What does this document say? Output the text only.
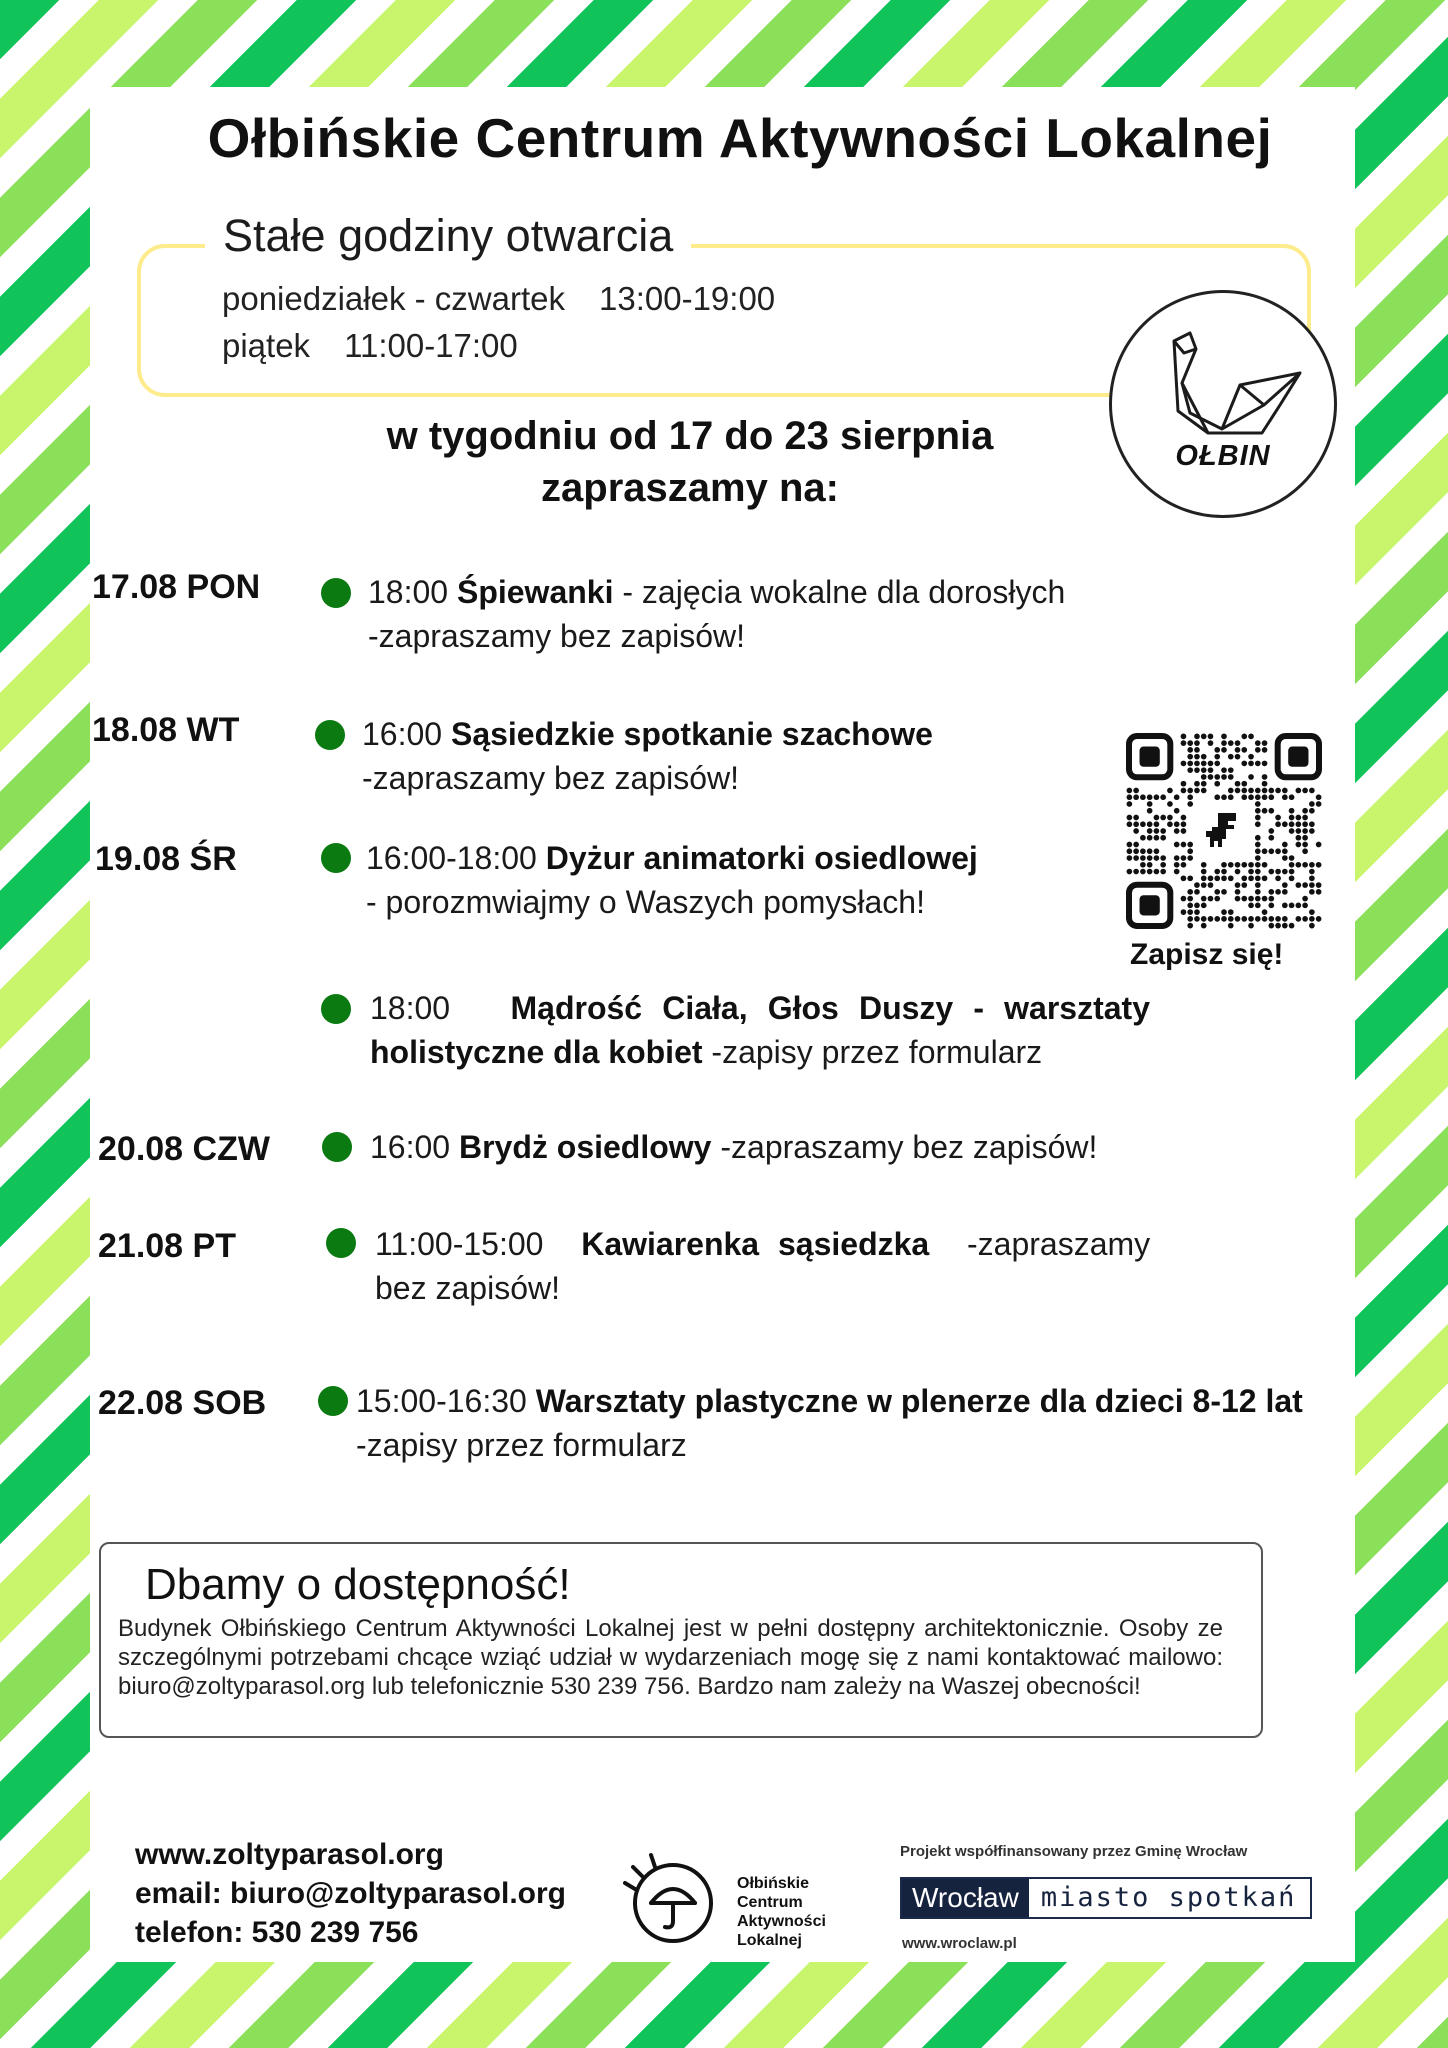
Ołbińskie Centrum Aktywności Lokalnej
Stałe godziny otwarcia
poniedziałek - czwartek 13:00-19:00
piątek 11:00-17:00
OŁBIN
w tygodniu od 17 do 23 sierpnia
zapraszamy na:
17.08 PON	18:00 Śpiewanki - zajęcia wokalne dla dorosłych
-zapraszamy bez zapisów!
18.08 WT	16:00 Sąsiedzkie spotkanie szachowe
-zapraszamy bez zapisów!
19.08 ŚR	16:00-18:00 Dyżur animatorki osiedlowej
- porozmwiajmy o Waszych pomysłach!
18:00 Mądrość Ciała, Głos Duszy - warsztaty
holistyczne dla kobiet -zapisy przez formularz
20.08 CZW	16:00 Brydż osiedlowy -zapraszamy bez zapisów!
21.08 PT	11:00-15:00 Kawiarenka sąsiedzka  -zapraszamy
bez zapisów!
22.08 SOB	15:00-16:30 Warsztaty plastyczne w plenerze dla dzieci 8-12 lat
-zapisy przez formularz
Zapisz się!
Dbamy o dostępność!
Budynek Ołbińskiego Centrum Aktywności Lokalnej jest w pełni dostępny architektonicznie. Osoby ze szczególnymi potrzebami chcące wziąć udział w wydarzeniach mogę się z nami kontaktować mailowo: biuro@zoltyparasol.org lub telefonicznie 530 239 756. Bardzo nam zależy na Waszej obecności!
www.zoltyparasol.org
email: biuro@zoltyparasol.org
telefon: 530 239 756
Ołbińskie
Centrum
Aktywności
Lokalnej
Projekt współfinansowany przez Gminę Wrocław
Wrocław miasto spotkań
www.wroclaw.pl
